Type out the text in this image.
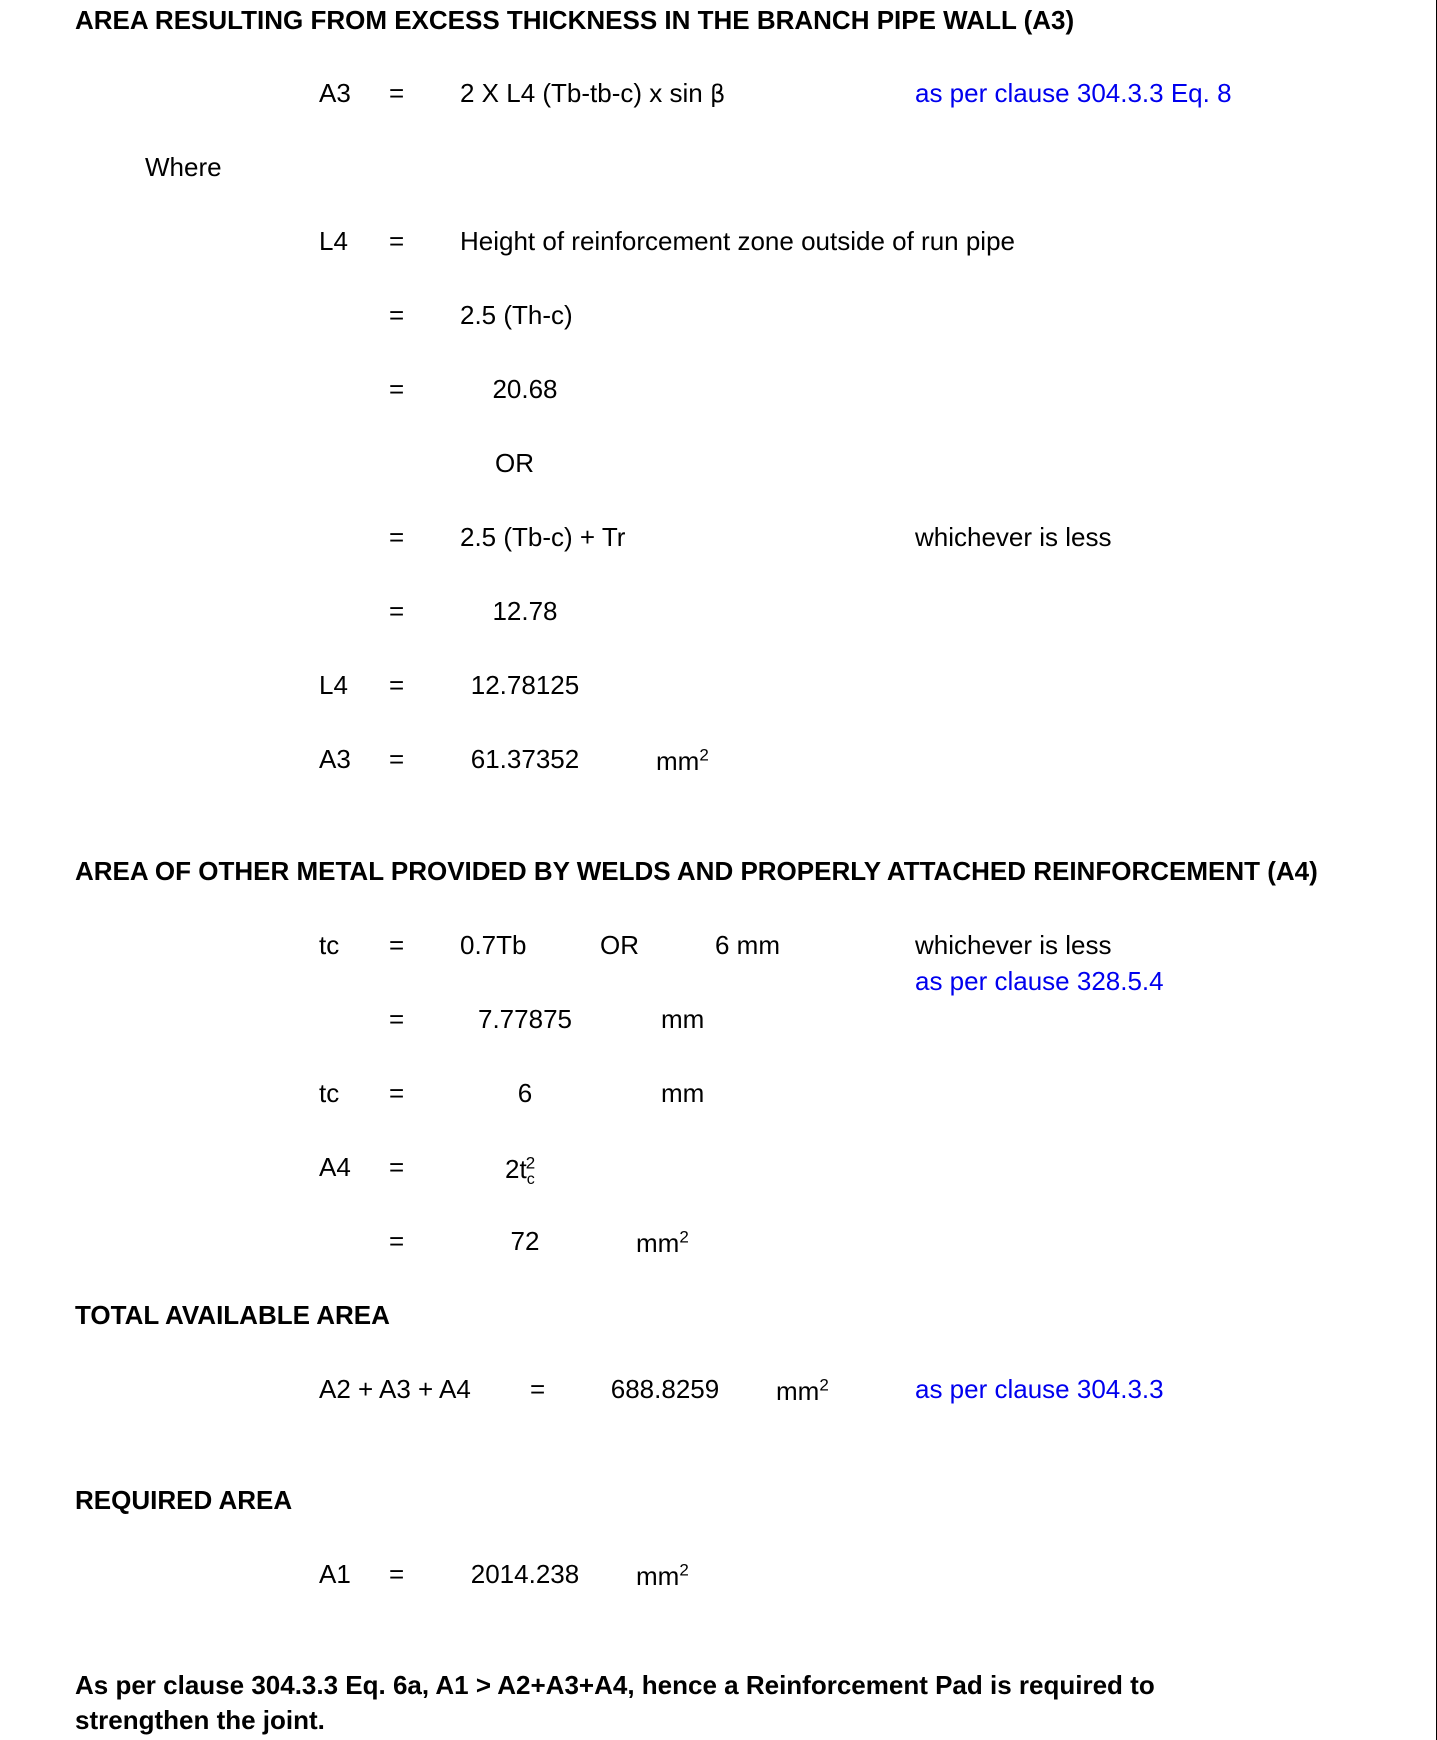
AREA RESULTING FROM EXCESS THICKNESS IN THE BRANCH PIPE WALL (A3)
A3 = 2 X L4 (Tb-tb-c) x sin β	as per clause 304.3.3 Eq. 8
Where
L4 = Height of reinforcement zone outside of run pipe
= 2.5 (Th-c)
=	20.68
OR
= 2.5 (Tb-c) + Tr	whichever is less
=	12.78
L4 =	12.78125
A3 =	61.37352	$mm^2$
AREA OF OTHER METAL PROVIDED BY WELDS AND PROPERLY ATTACHED REINFORCEMENT (A4)
tc = 0.7Tb	OR	6 mm	whichever is less
as per clause 328.5.4
=	7.77875	mm
tc =	6	mm
A4 =	$2t_c^2$
=	72	$mm^2$
TOTAL AVAILABLE AREA
A2 + A3 + A4 =	688.8259	$mm^2$	as per clause 304.3.3
REQUIRED AREA
A1 =	2014.238	$mm^2$
As per clause 304.3.3 Eq. 6a, A1 > A2+A3+A4, hence a Reinforcement Pad is required to
strengthen the joint.
